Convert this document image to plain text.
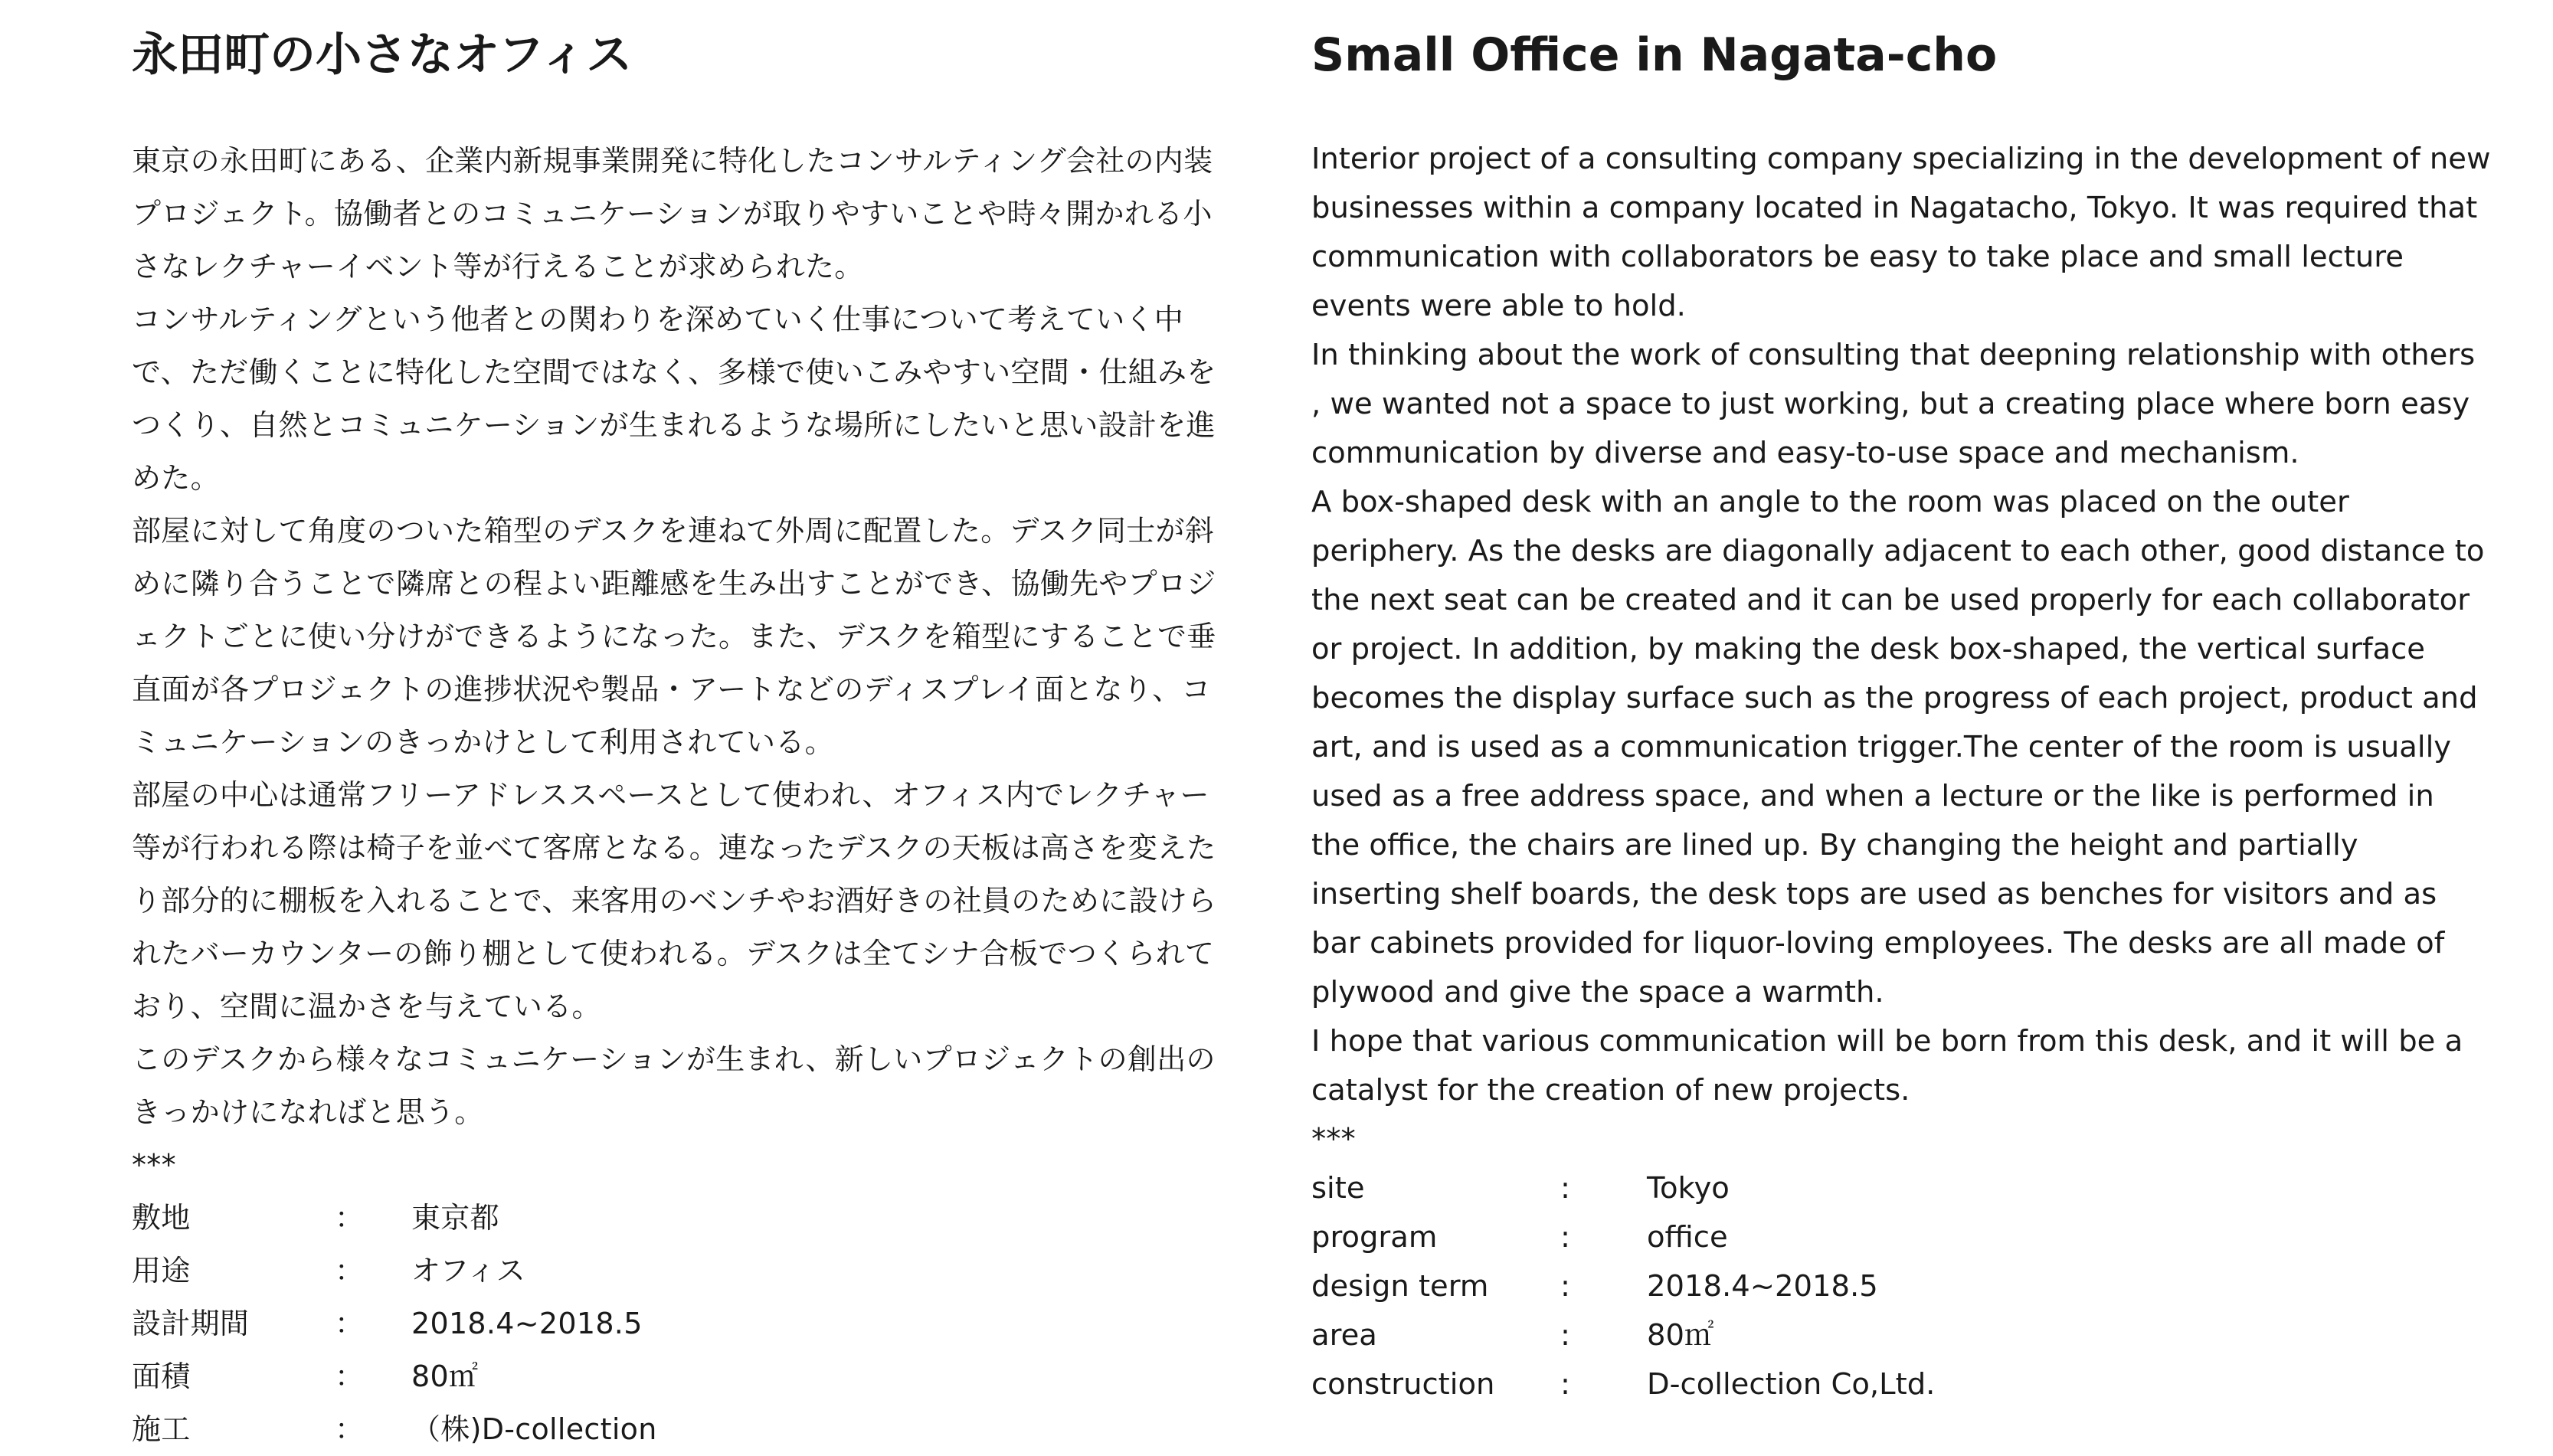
永田町の小さなオフィス

東京の永田町にある、企業内新規事業開発に特化したコンサルティング会社の内装プロジェクト。協働者とのコミュニケーションが取りやすいことや時々開かれる小さなレクチャーイベント等が行えることが求められた。

コンサルティングという他者との関わりを深めていく仕事について考えていく中で、ただ働くことに特化した空間ではなく、多様で使いこみやすい空間・仕組みをつくり、自然とコミュニケーションが生まれるような場所にしたいと思い設計を進めた。

部屋に対して角度のついた箱型のデスクを連ねて外周に配置した。デスク同士が斜めに隣り合うことで隣席との程よい距離感を生み出すことができ、協働先やプロジェクトごとに使い分けができるようになった。また、デスクを箱型にすることで垂直面が各プロジェクトの進捗状況や製品・アートなどのディスプレイ面となり、コミュニケーションのきっかけとして利用されている。

部屋の中心は通常フリーアドレススペースとして使われ、オフィス内でレクチャー等が行われる際は椅子を並べて客席となる。連なったデスクの天板は高さを変えたり部分的に棚板を入れることで、来客用のベンチやお酒好きの社員のために設けられたバーカウンターの飾り棚として使われる。デスクは全てシナ合板でつくられており、空間に温かさを与えている。

このデスクから様々なコミュニケーションが生まれ、新しいプロジェクトの創出のきっかけになればと思う。

***

敷地	：	東京都
用途	：	オフィス
設計期間	：	2018.4~2018.5
面積	：	80㎡
施工	：	（株)D-collection
Small Office in Nagata-cho

Interior project of a consulting company specializing in the development of new businesses within a company located in Nagatacho, Tokyo. It was required that communication with collaborators be easy to take place and small lecture events were able to hold.

In thinking about the work of consulting that deepning relationship with others , we wanted not a space to just working, but a creating place where born easy communication by diverse and easy-to-use space and mechanism.

A box-shaped desk with an angle to the room was placed on the outer periphery. As the desks are diagonally adjacent to each other, good distance to the next seat can be created and it can be used properly for each collaborator or project. In addition, by making the desk box-shaped, the vertical surface becomes the display surface such as the progress of each project, product and art, and is used as a communication trigger.The center of the room is usually used as a free address space, and when a lecture or the like is performed in the office, the chairs are lined up. By changing the height and partially inserting shelf boards, the desk tops are used as benches for visitors and as bar cabinets provided for liquor-loving employees. The desks are all made of plywood and give the space a warmth.

I hope that various communication will be born from this desk, and it will be a catalyst for the creation of new projects.

***

site	:	Tokyo
program	:	office
design term	:	2018.4~2018.5
area	:	80㎡
construction	:	D-collection Co,Ltd.
